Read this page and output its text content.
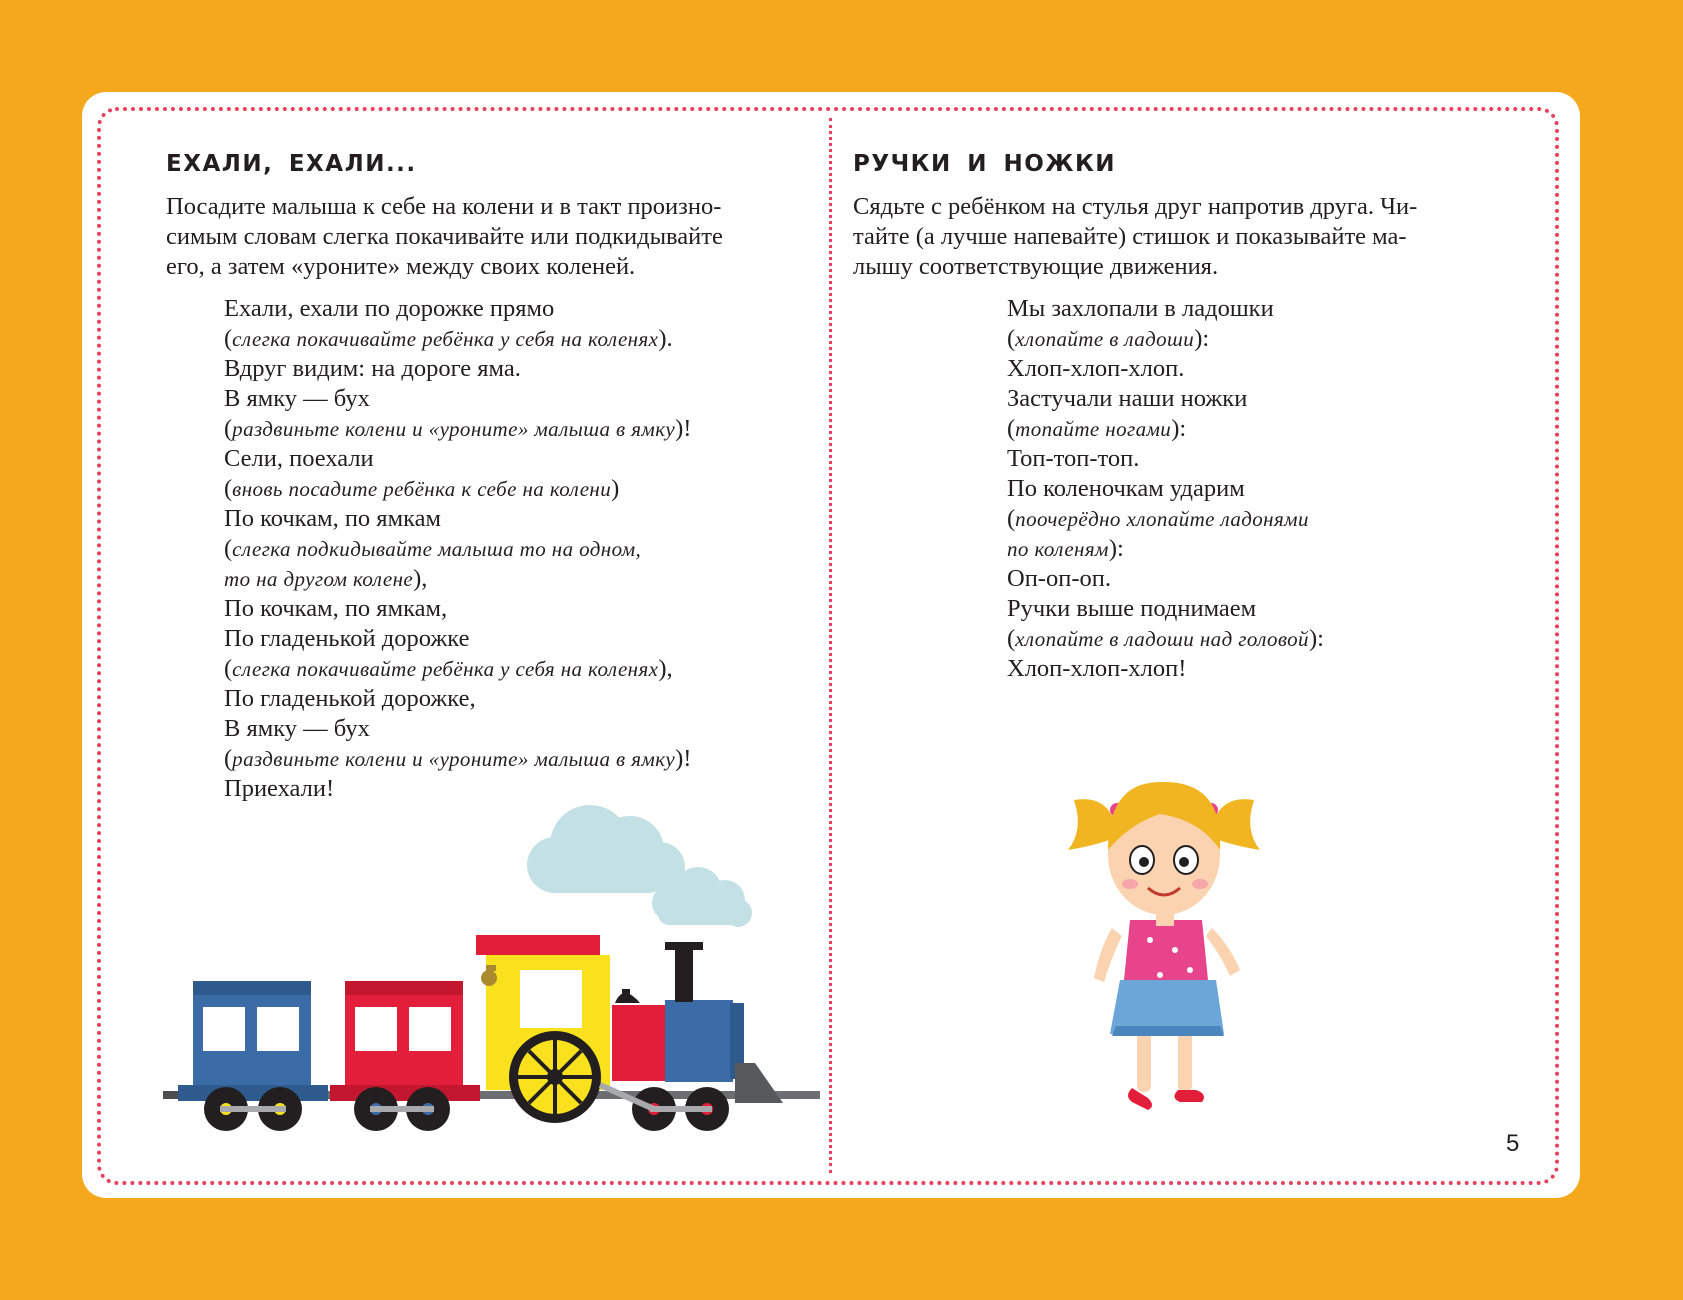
ЕХАЛИ, ЕХАЛИ...
Посадите малыша к себе на колени и в такт произно-
симым словам слегка покачивайте или подкидывайте
его, а затем «уроните» между своих коленей.
Ехали, ехали по дорожке прямо
(слегка покачивайте ребёнка у себя на коленях).
Вдруг видим: на дороге яма.
В ямку — бух
(раздвиньте колени и «уроните» малыша в ямку)!
Сели, поехали
(вновь посадите ребёнка к себе на колени)
По кочкам, по ямкам
(слегка подкидывайте малыша то на одном,
то на другом колене),
По кочкам, по ямкам,
По гладенькой дорожке
(слегка покачивайте ребёнка у себя на коленях),
По гладенькой дорожке,
В ямку — бух
(раздвиньте колени и «уроните» малыша в ямку)!
Приехали!
РУЧКИ И НОЖКИ
Сядьте с ребёнком на стулья друг напротив друга. Чи-
тайте (а лучше напевайте) стишок и показывайте ма-
лышу соответствующие движения.
Мы захлопали в ладошки
(хлопайте в ладоши):
Хлоп-хлоп-хлоп.
Застучали наши ножки
(топайте ногами):
Топ-топ-топ.
По коленочкам ударим
(поочерёдно хлопайте ладонями
по коленям):
Оп-оп-оп.
Ручки выше поднимаем
(хлопайте в ладоши над головой):
Хлоп-хлоп-хлоп!
5
